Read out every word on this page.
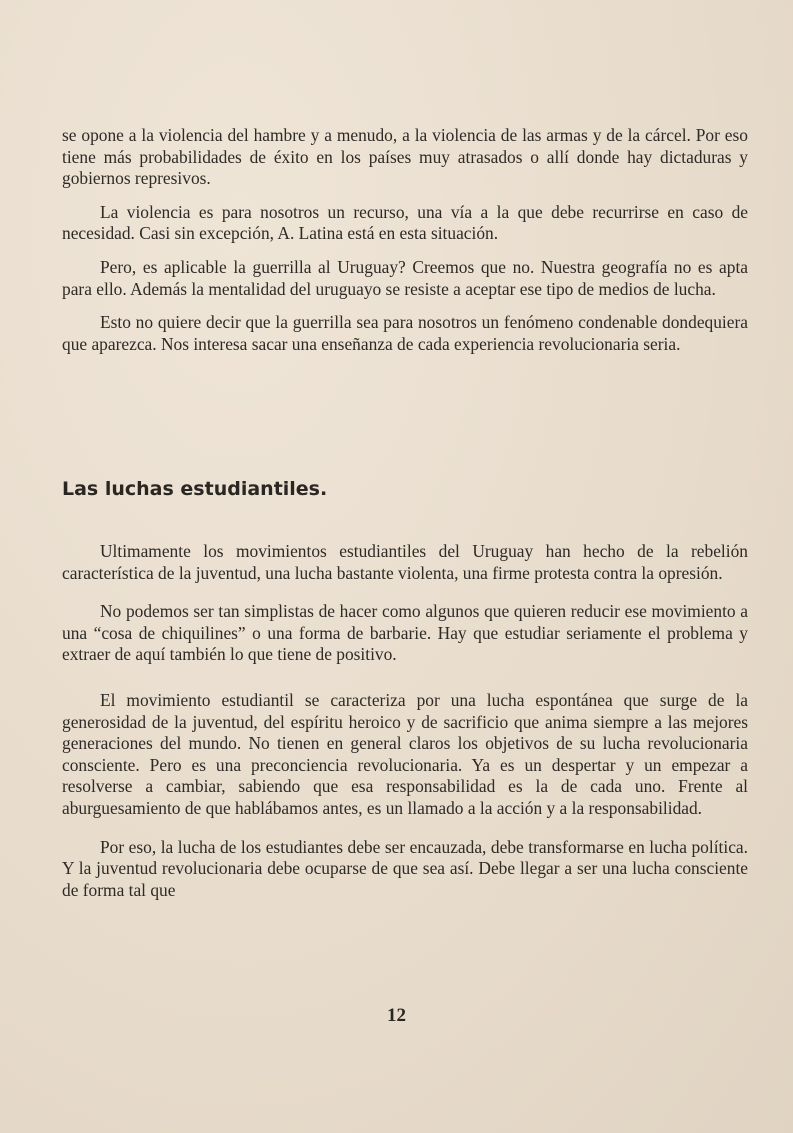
se opone a la violencia del hambre y a menudo, a la violencia de las armas y de la cárcel. Por eso tiene más probabilidades de éxito en los países muy atrasados o allí donde hay dictaduras y gobiernos represivos.

La violencia es para nosotros un recurso, una vía a la que debe recurrirse en caso de necesidad. Casi sin excepción, A. Latina está en esta situación.

Pero, es aplicable la guerrilla al Uruguay? Creemos que no. Nuestra geografía no es apta para ello. Además la mentalidad del uruguayo se resiste a aceptar ese tipo de medios de lucha.

Esto no quiere decir que la guerrilla sea para nosotros un fenómeno condenable dondequiera que aparezca. Nos interesa sacar una enseñanza de cada experiencia revolucionaria seria.

Las luchas estudiantiles.

Ultimamente los movimientos estudiantiles del Uruguay han hecho de la rebelión característica de la juventud, una lucha bastante violenta, una firme protesta contra la opresión.

No podemos ser tan simplistas de hacer como algunos que quieren reducir ese movimiento a una “cosa de chiquilines” o una forma de barbarie. Hay que estudiar seriamente el problema y extraer de aquí también lo que tiene de positivo.

El movimiento estudiantil se caracteriza por una lucha espontánea que surge de la generosidad de la juventud, del espíritu heroico y de sacrificio que anima siempre a las mejores generaciones del mundo. No tienen en general claros los objetivos de su lucha revolucionaria consciente. Pero es una preconciencia revolucionaria. Ya es un despertar y un empezar a resolverse a cambiar, sabiendo que esa responsabilidad es la de cada uno. Frente al aburguesamiento de que hablábamos antes, es un llamado a la acción y a la responsabilidad.

Por eso, la lucha de los estudiantes debe ser encauzada, debe transformarse en lucha política. Y la juventud revolucionaria debe ocuparse de que sea así. Debe llegar a ser una lucha consciente de forma tal que

12
